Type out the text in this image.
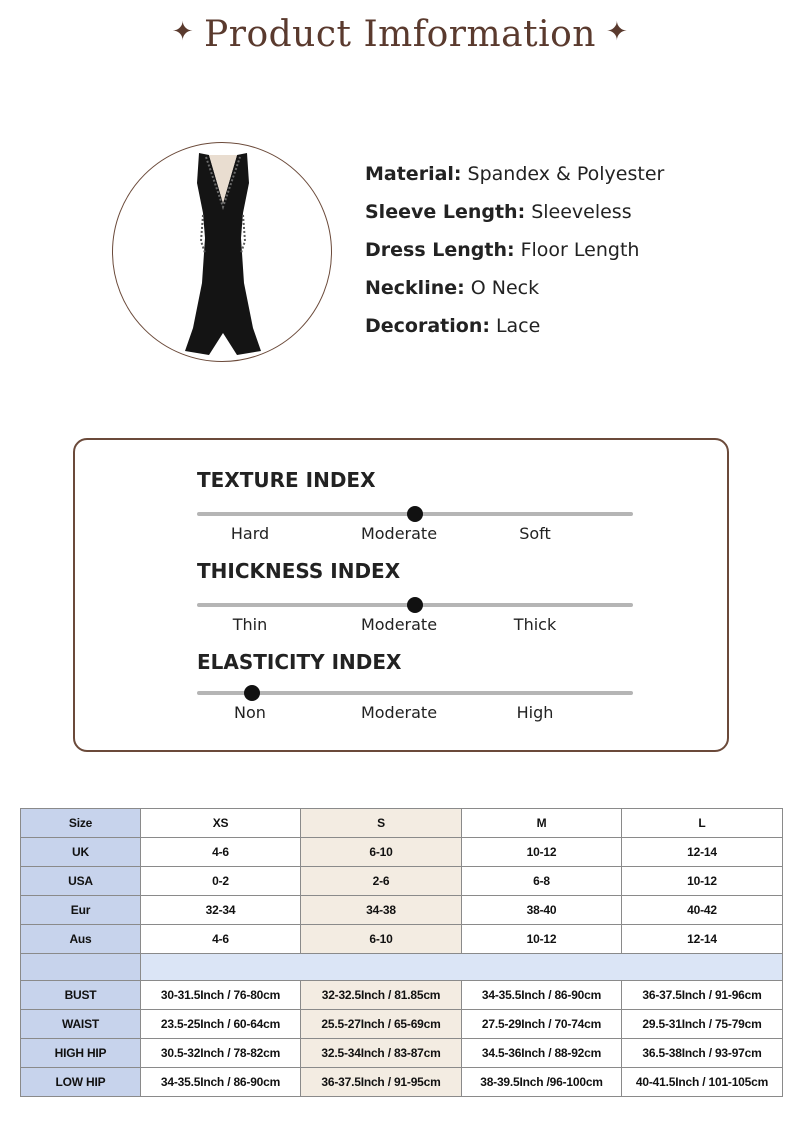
✦ Product Imformation ✦
Material: Spandex & Polyester
Sleeve Length: Sleeveless
Dress Length: Floor Length
Neckline: O Neck
Decoration: Lace
TEXTURE INDEX
Hard	Moderate	Soft
THICKNESS INDEX
Thin	Moderate	Thick
ELASTICITY INDEX
Non	Moderate	High
Size	XS	S	M	L
UK	4-6	6-10	10-12	12-14
USA	0-2	2-6	6-8	10-12
Eur	32-34	34-38	38-40	40-42
Aus	4-6	6-10	10-12	12-14

BUST	30-31.5Inch / 76-80cm	32-32.5Inch / 81.85cm	34-35.5Inch / 86-90cm	36-37.5Inch / 91-96cm
WAIST	23.5-25Inch / 60-64cm	25.5-27Inch / 65-69cm	27.5-29Inch / 70-74cm	29.5-31Inch / 75-79cm
HIGH HIP	30.5-32Inch / 78-82cm	32.5-34Inch / 83-87cm	34.5-36Inch / 88-92cm	36.5-38Inch / 93-97cm
LOW HIP	34-35.5Inch / 86-90cm	36-37.5Inch / 91-95cm	38-39.5Inch /96-100cm	40-41.5Inch / 101-105cm
